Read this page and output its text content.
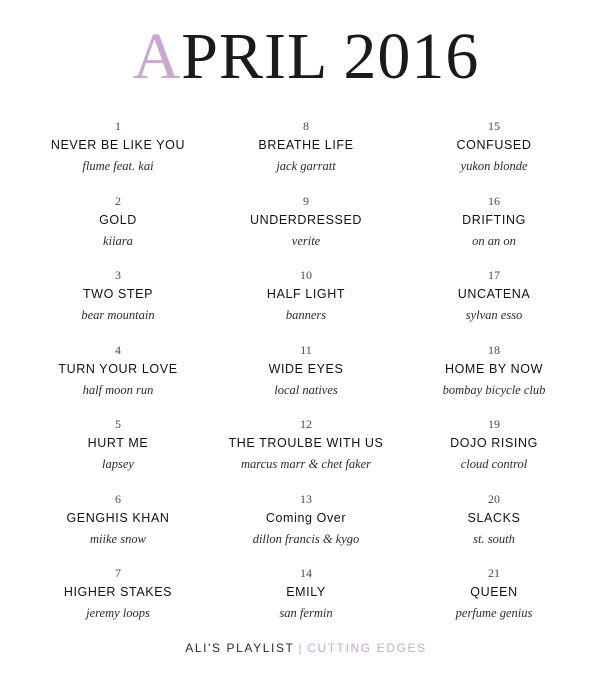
APRIL 2016
1
NEVER BE LIKE YOU
flume feat. kai
2
GOLD
kiiara
3
TWO STEP
bear mountain
4
TURN YOUR LOVE
half moon run
5
HURT ME
lapsey
6
GENGHIS KHAN
miike snow
7
HIGHER STAKES
jeremy loops
8
BREATHE LIFE
jack garratt
9
UNDERDRESSED
verite
10
HALF LIGHT
banners
11
WIDE EYES
local natives
12
THE TROULBE WITH US
marcus marr & chet faker
13
Coming Over
dillon francis & kygo
14
EMILY
san fermin
15
CONFUSED
yukon blonde
16
DRIFTING
on an on
17
UNCATENA
sylvan esso
18
HOME BY NOW
bombay bicycle club
19
DOJO RISING
cloud control
20
SLACKS
st. south
21
QUEEN
perfume genius
ALI'S PLAYLIST | CUTTING EDGES
